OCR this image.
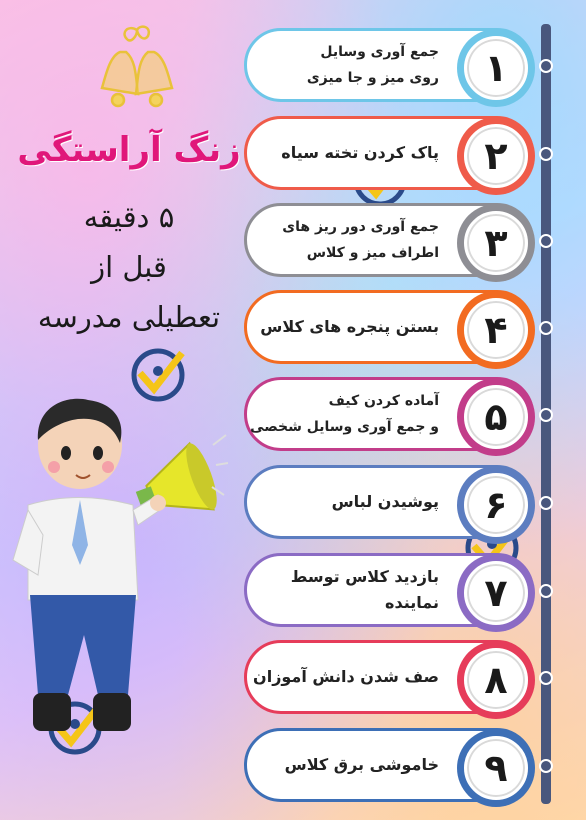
زنگ آراستگی
۵ دقیقه
قبل از
تعطیلی مدرسه
جمع آوری وسایل
روی میز و جا میزی	۱
پاک کردن تخته سیاه	۲
جمع آوری دور ریز های
اطراف میز و کلاس	۳
بستن پنجره های کلاس	۴
آماده کردن کیف
و جمع آوری وسایل شخصی	۵
پوشیدن لباس	۶
بازدید کلاس توسط نماینده	۷
صف شدن دانش آموزان	۸
خاموشی برق کلاس	۹
